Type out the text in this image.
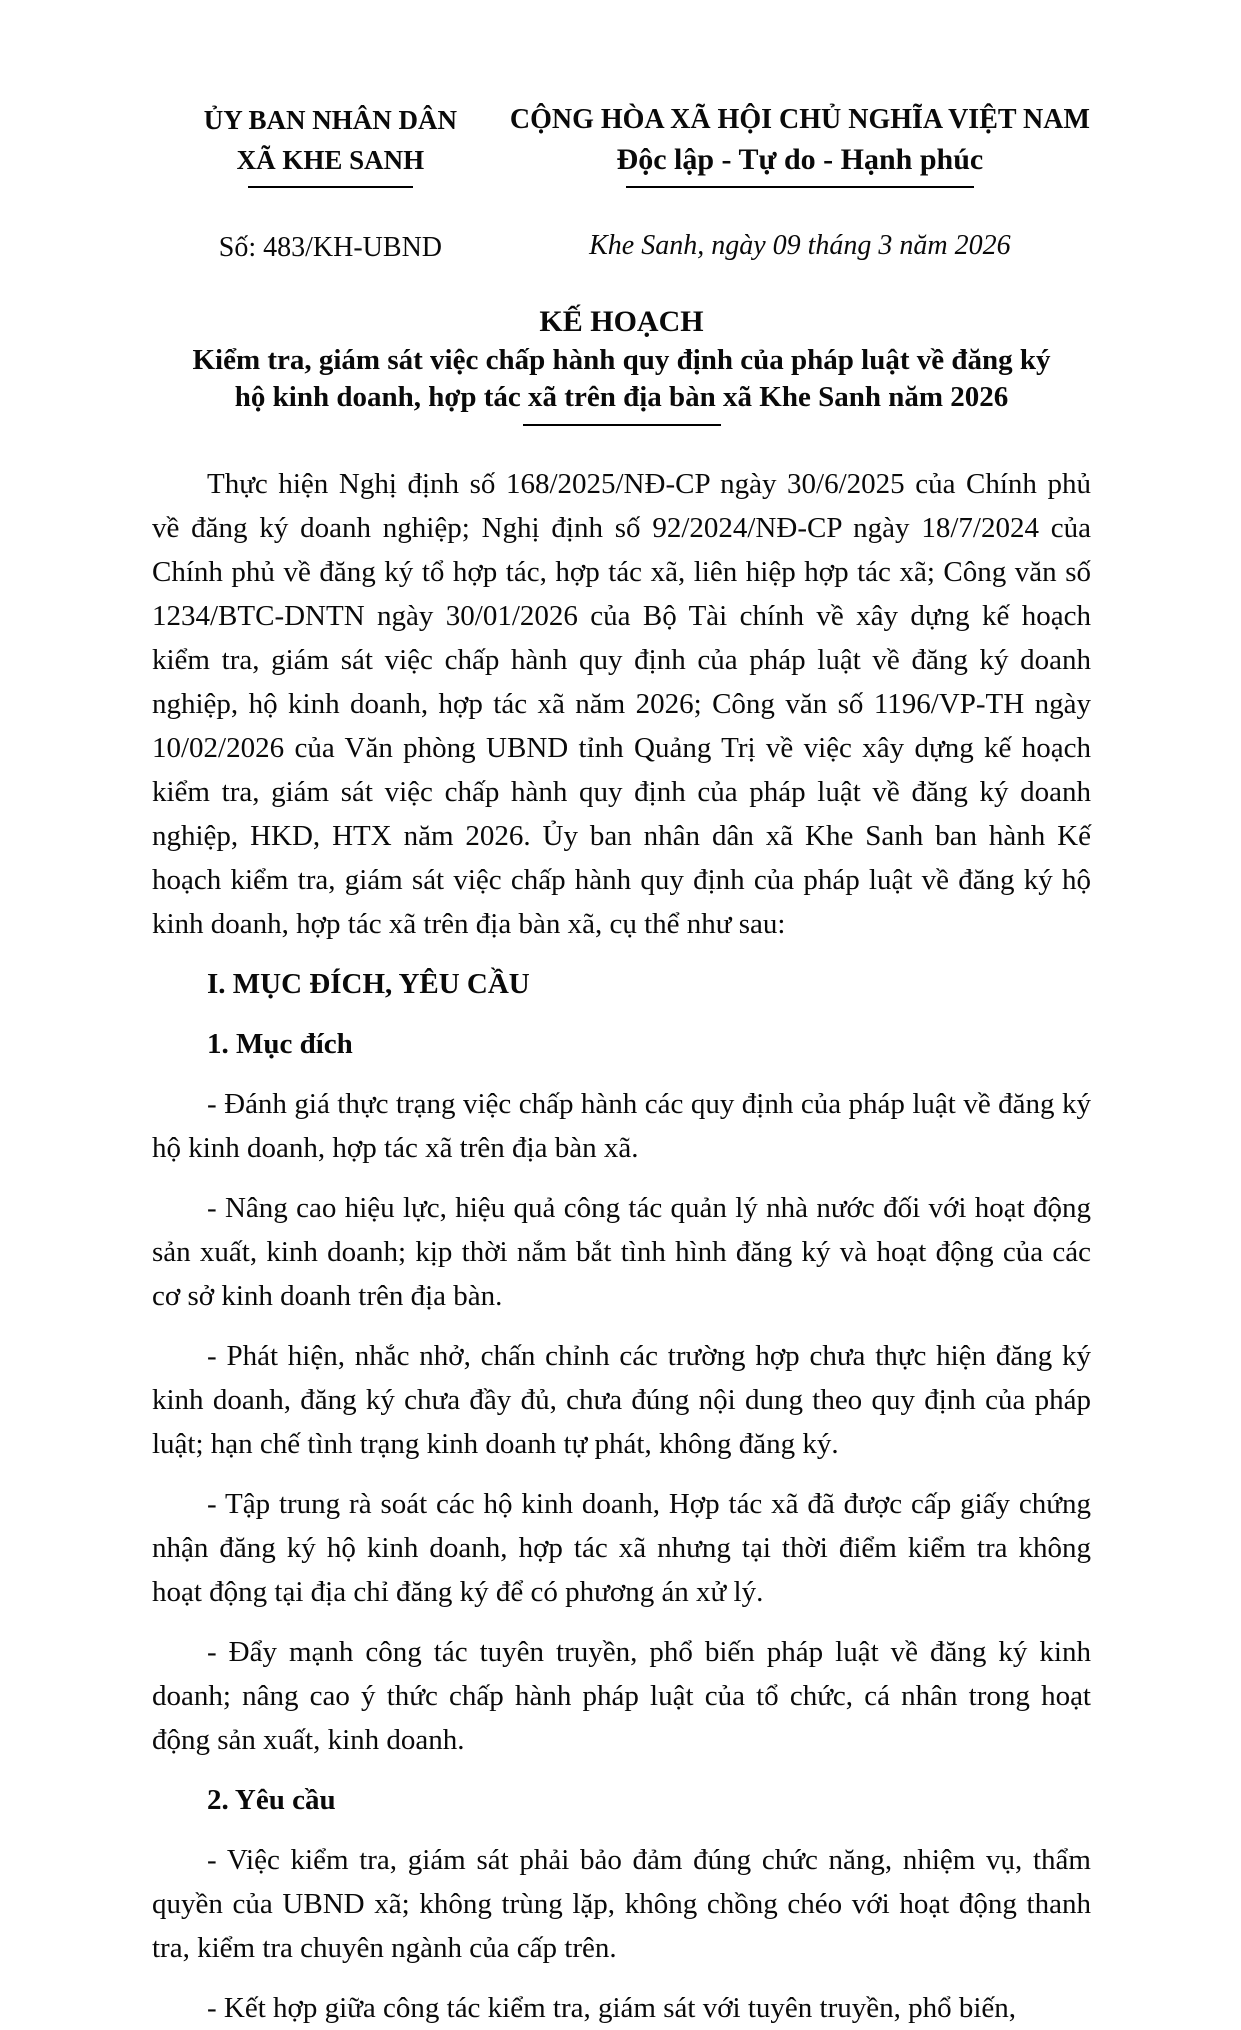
ỦY BAN NHÂN DÂN
XÃ KHE SANH
Số: 483/KH-UBND
CỘNG HÒA XÃ HỘI CHỦ NGHĨA VIỆT NAM
Độc lập - Tự do - Hạnh phúc
Khe Sanh, ngày 09 tháng 3 năm 2026
KẾ HOẠCH
Kiểm tra, giám sát việc chấp hành quy định của pháp luật về đăng ký
hộ kinh doanh, hợp tác xã trên địa bàn xã Khe Sanh năm 2026

Thực hiện Nghị định số 168/2025/NĐ-CP ngày 30/6/2025 của Chính phủ về đăng ký doanh nghiệp; Nghị định số 92/2024/NĐ-CP ngày 18/7/2024 của Chính phủ về đăng ký tổ hợp tác, hợp tác xã, liên hiệp hợp tác xã; Công văn số 1234/BTC-DNTN ngày 30/01/2026 của Bộ Tài chính về xây dựng kế hoạch kiểm tra, giám sát việc chấp hành quy định của pháp luật về đăng ký doanh nghiệp, hộ kinh doanh, hợp tác xã năm 2026; Công văn số 1196/VP-TH ngày 10/02/2026 của Văn phòng UBND tỉnh Quảng Trị về việc xây dựng kế hoạch kiểm tra, giám sát việc chấp hành quy định của pháp luật về đăng ký doanh nghiệp, HKD, HTX năm 2026. Ủy ban nhân dân xã Khe Sanh ban hành Kế hoạch kiểm tra, giám sát việc chấp hành quy định của pháp luật về đăng ký hộ kinh doanh, hợp tác xã trên địa bàn xã, cụ thể như sau:

I. MỤC ĐÍCH, YÊU CẦU

1. Mục đích

- Đánh giá thực trạng việc chấp hành các quy định của pháp luật về đăng ký hộ kinh doanh, hợp tác xã trên địa bàn xã.

- Nâng cao hiệu lực, hiệu quả công tác quản lý nhà nước đối với hoạt động sản xuất, kinh doanh; kịp thời nắm bắt tình hình đăng ký và hoạt động của các cơ sở kinh doanh trên địa bàn.

- Phát hiện, nhắc nhở, chấn chỉnh các trường hợp chưa thực hiện đăng ký kinh doanh, đăng ký chưa đầy đủ, chưa đúng nội dung theo quy định của pháp luật; hạn chế tình trạng kinh doanh tự phát, không đăng ký.

- Tập trung rà soát các hộ kinh doanh, Hợp tác xã đã được cấp giấy chứng nhận đăng ký hộ kinh doanh, hợp tác xã nhưng tại thời điểm kiểm tra không hoạt động tại địa chỉ đăng ký để có phương án xử lý.

- Đẩy mạnh công tác tuyên truyền, phổ biến pháp luật về đăng ký kinh doanh; nâng cao ý thức chấp hành pháp luật của tổ chức, cá nhân trong hoạt động sản xuất, kinh doanh.

2. Yêu cầu

- Việc kiểm tra, giám sát phải bảo đảm đúng chức năng, nhiệm vụ, thẩm quyền của UBND xã; không trùng lặp, không chồng chéo với hoạt động thanh tra, kiểm tra chuyên ngành của cấp trên.

- Kết hợp giữa công tác kiểm tra, giám sát với tuyên truyền, phổ biến,
